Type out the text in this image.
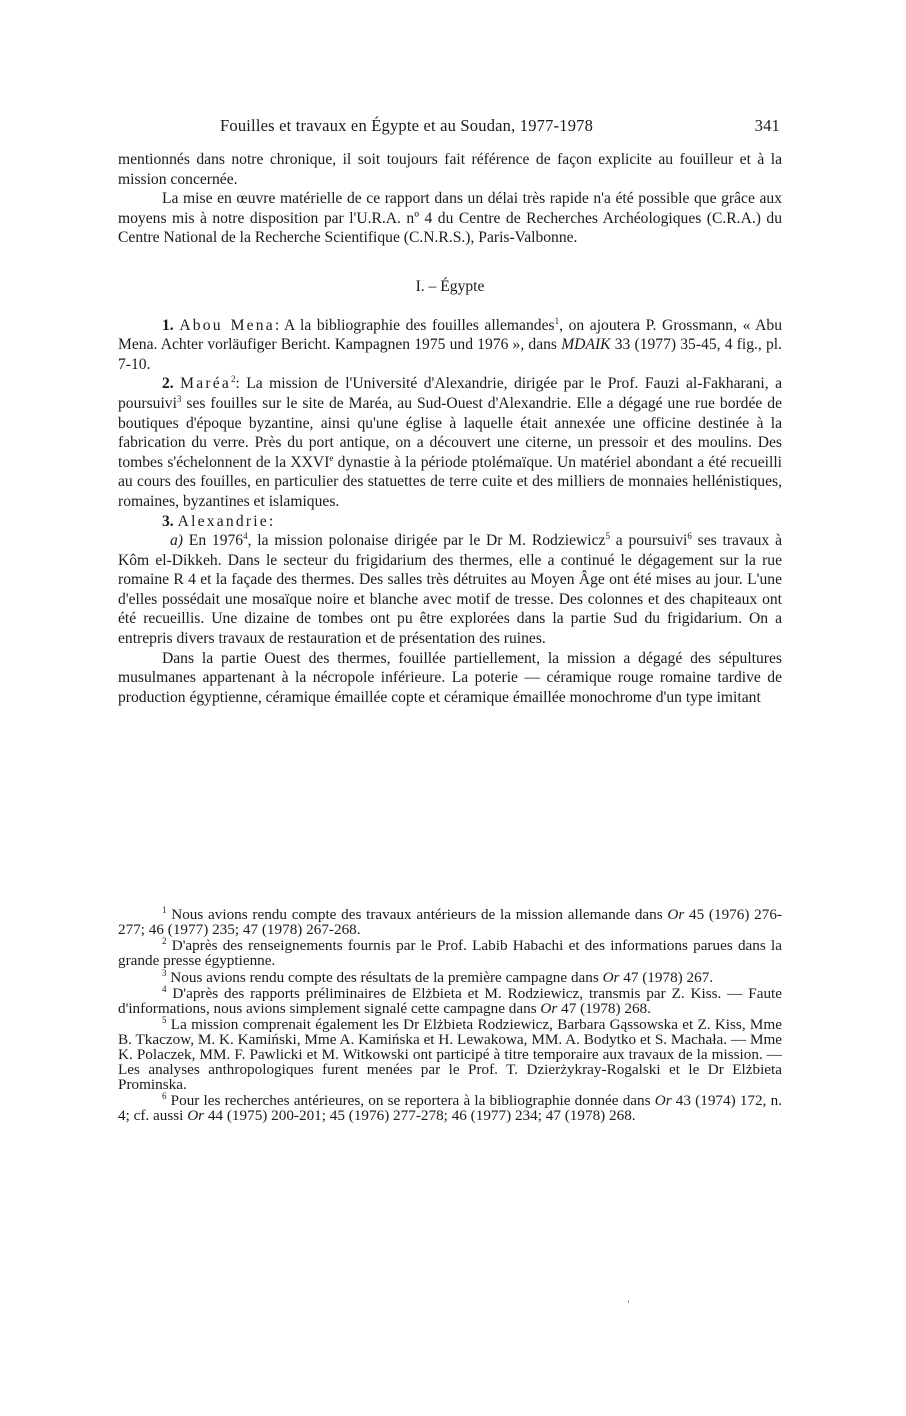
Fouilles et travaux en Égypte et au Soudan, 1977-1978	341

mentionnés dans notre chronique, il soit toujours fait référence de façon explicite au fouilleur et à la mission concernée.

La mise en œuvre matérielle de ce rapport dans un délai très rapide n'a été possible que grâce aux moyens mis à notre disposition par l'U.R.A. nº 4 du Centre de Recherches Archéologiques (C.R.A.) du Centre National de la Recherche Scientifique (C.N.R.S.), Paris-Valbonne.

I. – Égypte

1. Abou Mena: A la bibliographie des fouilles allemandes$^1$, on ajoutera P. Grossmann, « Abu Mena. Achter vorläufiger Bericht. Kampagnen 1975 und 1976 », dans MDAIK 33 (1977) 35-45, 4 fig., pl. 7-10.

2. Maréa$^2$: La mission de l'Université d'Alexandrie, dirigée par le Prof. Fauzi al-Fakharani, a poursuivi$^3$ ses fouilles sur le site de Maréa, au Sud-Ouest d'Alexandrie. Elle a dégagé une rue bordée de boutiques d'époque byzantine, ainsi qu'une église à laquelle était annexée une officine destinée à la fabrication du verre. Près du port antique, on a découvert une citerne, un pressoir et des moulins. Des tombes s'échelonnent de la XXVIe dynastie à la période ptolémaïque. Un matériel abondant a été recueilli au cours des fouilles, en particulier des statuettes de terre cuite et des milliers de monnaies hellénistiques, romaines, byzantines et islamiques.

3. Alexandrie:

a) En 1976$^4$, la mission polonaise dirigée par le Dr M. Rodziewicz$^5$ a poursuivi$^6$ ses travaux à Kôm el-Dikkeh. Dans le secteur du frigidarium des thermes, elle a continué le dégagement sur la rue romaine R 4 et la façade des thermes. Des salles très détruites au Moyen Âge ont été mises au jour. L'une d'elles possédait une mosaïque noire et blanche avec motif de tresse. Des colonnes et des chapiteaux ont été recueillis. Une dizaine de tombes ont pu être explorées dans la partie Sud du frigidarium. On a entrepris divers travaux de restauration et de présentation des ruines.

Dans la partie Ouest des thermes, fouillée partiellement, la mission a dégagé des sépultures musulmanes appartenant à la nécropole inférieure. La poterie — céramique rouge romaine tardive de production égyptienne, céramique émaillée copte et céramique émaillée monochrome d'un type imitant

$^1$ Nous avions rendu compte des travaux antérieurs de la mission allemande dans Or 45 (1976) 276-277; 46 (1977) 235; 47 (1978) 267-268.

$^2$ D'après des renseignements fournis par le Prof. Labib Habachi et des informations parues dans la grande presse égyptienne.

$^3$ Nous avions rendu compte des résultats de la première campagne dans Or 47 (1978) 267.

$^4$ D'après des rapports préliminaires de Elżbieta et M. Rodziewicz, transmis par Z. Kiss. — Faute d'informations, nous avions simplement signalé cette campagne dans Or 47 (1978) 268.

$^5$ La mission comprenait également les Dr Elżbieta Rodziewicz, Barbara Gąssowska et Z. Kiss, Mme B. Tkaczow, M. K. Kamiński, Mme A. Kamińska et H. Lewakowa, MM. A. Bodytko et S. Machała. — Mme K. Polaczek, MM. F. Pawlicki et M. Witkowski ont participé à titre temporaire aux travaux de la mission. — Les analyses anthropologiques furent menées par le Prof. T. Dzierżykray-Rogalski et le Dr Elżbieta Prominska.

$^6$ Pour les recherches antérieures, on se reportera à la bibliographie donnée dans Or 43 (1974) 172, n. 4; cf. aussi Or 44 (1975) 200-201; 45 (1976) 277-278; 46 (1977) 234; 47 (1978) 268.
